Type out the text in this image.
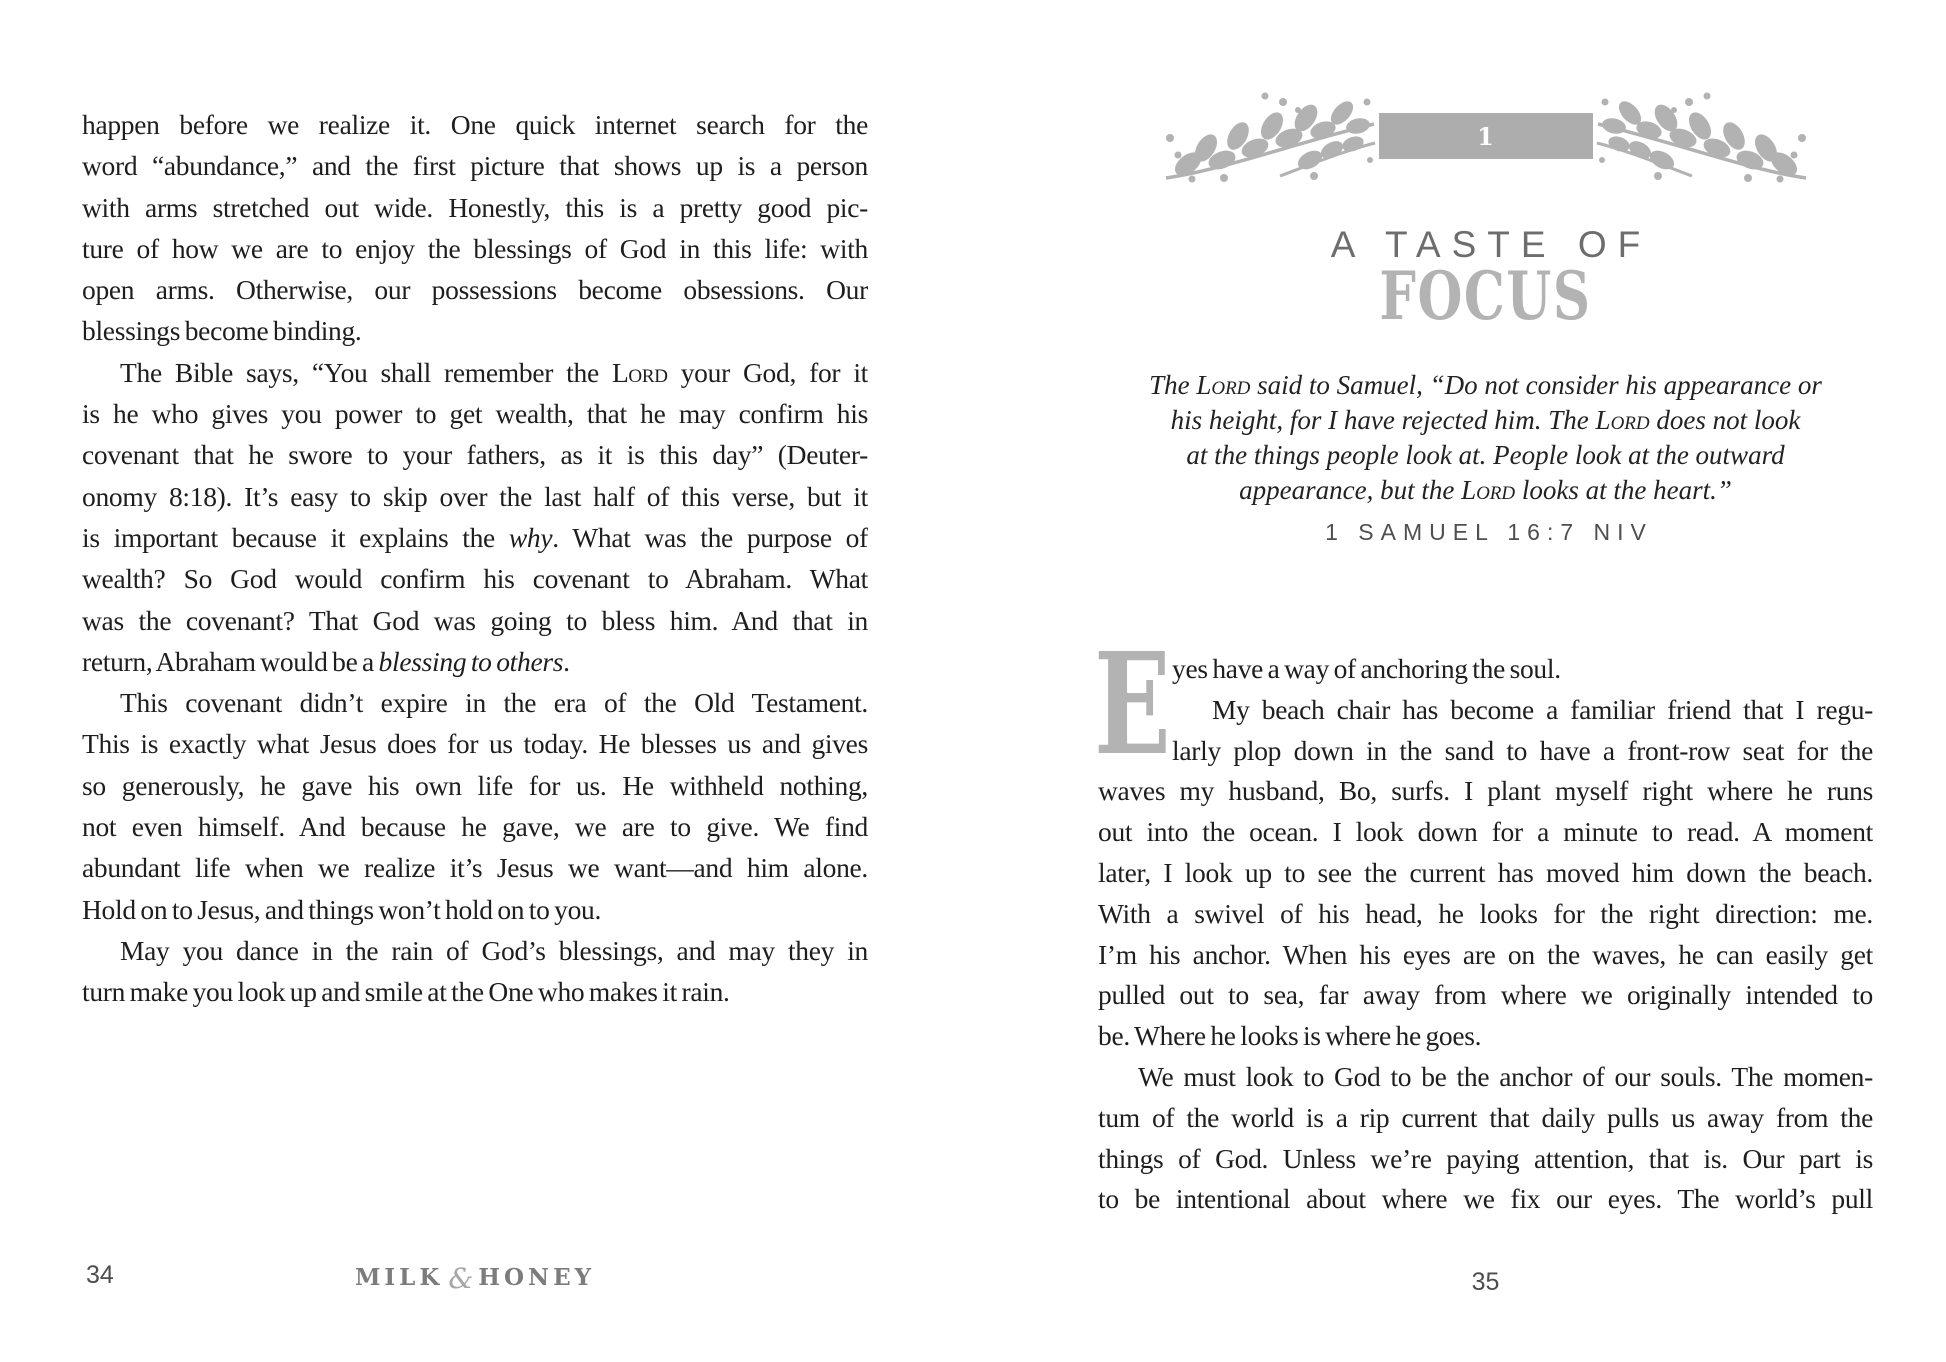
happen before we realize it. One quick internet search for the
word “abundance,” and the first picture that shows up is a person
with arms stretched out wide. Honestly, this is a pretty good pic-
ture of how we are to enjoy the blessings of God in this life: with
open arms. Otherwise, our possessions become obsessions. Our
blessings become binding.
The Bible says, “You shall remember the Lord your God, for it
is he who gives you power to get wealth, that he may confirm his
covenant that he swore to your fathers, as it is this day” (Deuter-
onomy 8:18). It’s easy to skip over the last half of this verse, but it
is important because it explains the why. What was the purpose of
wealth? So God would confirm his covenant to Abraham. What
was the covenant? That God was going to bless him. And that in
return, Abraham would be a blessing to others.
This covenant didn’t expire in the era of the Old Testament.
This is exactly what Jesus does for us today. He blesses us and gives
so generously, he gave his own life for us. He withheld nothing,
not even himself. And because he gave, we are to give. We find
abundant life when we realize it’s Jesus we want—and him alone.
Hold on to Jesus, and things won’t hold on to you.
May you dance in the rain of God’s blessings, and may they in
turn make you look up and smile at the One who makes it rain.
34	MILK & HONEY
1 SAMUEL
A TASTE OF
FOCUS
The Lord said to Samuel, “Do not consider his appearance or
his height, for I have rejected him. The Lord does not look
at the things people look at. People look at the outward
appearance, but the Lord looks at the heart.”
1 SAMUEL 16:7 NIV
E yes have a way of anchoring the soul.
My beach chair has become a familiar friend that I regu-
larly plop down in the sand to have a front-row seat for the
waves my husband, Bo, surfs. I plant myself right where he runs
out into the ocean. I look down for a minute to read. A moment
later, I look up to see the current has moved him down the beach.
With a swivel of his head, he looks for the right direction: me.
I’m his anchor. When his eyes are on the waves, he can easily get
pulled out to sea, far away from where we originally intended to
be. Where he looks is where he goes.
We must look to God to be the anchor of our souls. The momen-
tum of the world is a rip current that daily pulls us away from the
things of God. Unless we’re paying attention, that is. Our part is
to be intentional about where we fix our eyes. The world’s pull
35
